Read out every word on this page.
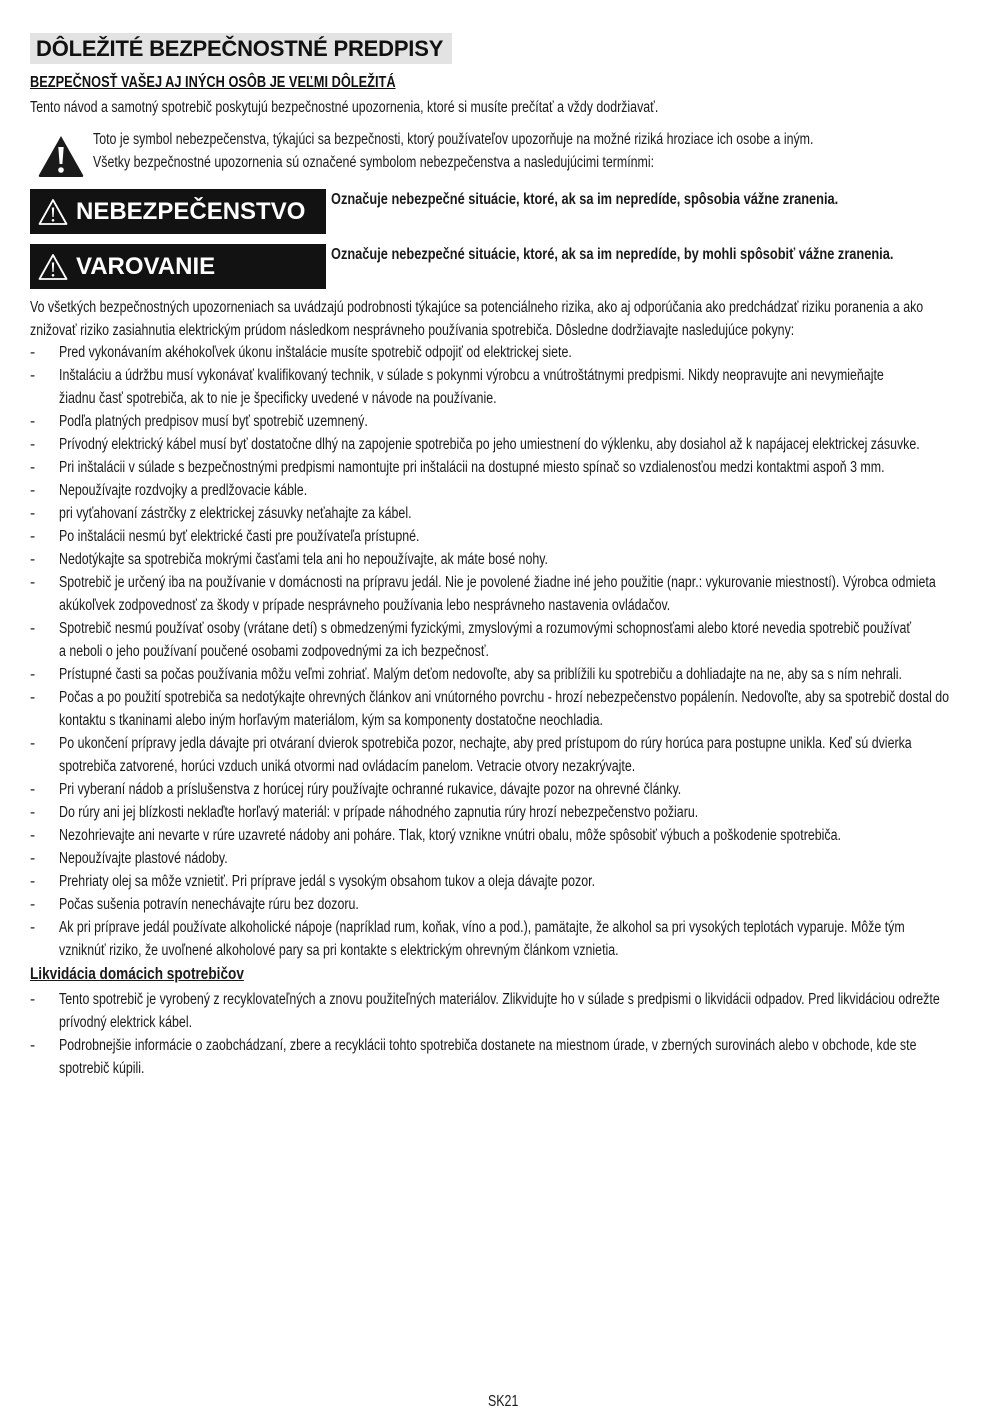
DÔLEŽITÉ BEZPEČNOSTNÉ PREDPISY
BEZPEČNOSŤ VAŠEJ AJ INÝCH OSÔB JE VEĽMI DÔLEŽITÁ
Tento návod a samotný spotrebič poskytujú bezpečnostné upozornenia, ktoré si musíte prečítať a vždy dodržiavať.
Toto je symbol nebezpečenstva, týkajúci sa bezpečnosti, ktorý používateľov upozorňuje na možné riziká hroziace ich osobe a iným.
Všetky bezpečnostné upozornenia sú označené symbolom nebezpečenstva a nasledujúcimi termínmi:
NEBEZPEČENSTVO Označuje nebezpečné situácie, ktoré, ak sa im nepredíde, spôsobia vážne zranenia.
VAROVANIE	Označuje nebezpečné situácie, ktoré, ak sa im nepredíde, by mohli spôsobiť vážne zranenia.
Vo všetkých bezpečnostných upozorneniach sa uvádzajú podrobnosti týkajúce sa potenciálneho rizika, ako aj odporúčania ako predchádzať riziku poranenia a ako
znižovať riziko zasiahnutia elektrickým prúdom následkom nesprávneho používania spotrebiča. Dôsledne dodržiavajte nasledujúce pokyny:
-	Pred vykonávaním akéhokoľvek úkonu inštalácie musíte spotrebič odpojiť od elektrickej siete.
-	Inštaláciu a údržbu musí vykonávať kvalifikovaný technik, v súlade s pokynmi výrobcu a vnútroštátnymi predpismi. Nikdy neopravujte ani nevymieňajte
žiadnu časť spotrebiča, ak to nie je špecificky uvedené v návode na používanie.
-	Podľa platných predpisov musí byť spotrebič uzemnený.
-	Prívodný elektrický kábel musí byť dostatočne dlhý na zapojenie spotrebiča po jeho umiestnení do výklenku, aby dosiahol až k napájacej elektrickej zásuvke.
-	Pri inštalácii v súlade s bezpečnostnými predpismi namontujte pri inštalácii na dostupné miesto spínač so vzdialenosťou medzi kontaktmi aspoň 3 mm.
-	Nepoužívajte rozdvojky a predlžovacie káble.
-	pri vyťahovaní zástrčky z elektrickej zásuvky neťahajte za kábel.
-	Po inštalácii nesmú byť elektrické časti pre používateľa prístupné.
-	Nedotýkajte sa spotrebiča mokrými časťami tela ani ho nepoužívajte, ak máte bosé nohy.
-	Spotrebič je určený iba na používanie v domácnosti na prípravu jedál. Nie je povolené žiadne iné jeho použitie (napr.: vykurovanie miestností). Výrobca odmieta
akúkoľvek zodpovednosť za škody v prípade nesprávneho používania lebo nesprávneho nastavenia ovládačov.
-	Spotrebič nesmú používať osoby (vrátane detí) s obmedzenými fyzickými, zmyslovými a rozumovými schopnosťami alebo ktoré nevedia spotrebič používať
a neboli o jeho používaní poučené osobami zodpovednými za ich bezpečnosť.
-	Prístupné časti sa počas používania môžu veľmi zohriať. Malým deťom nedovoľte, aby sa priblížili ku spotrebiču a dohliadajte na ne, aby sa s ním nehrali.
-	Počas a po použití spotrebiča sa nedotýkajte ohrevných článkov ani vnútorného povrchu - hrozí nebezpečenstvo popálenín. Nedovoľte, aby sa spotrebič dostal do
kontaktu s tkaninami alebo iným horľavým materiálom, kým sa komponenty dostatočne neochladia.
-	Po ukončení prípravy jedla dávajte pri otváraní dvierok spotrebiča pozor, nechajte, aby pred prístupom do rúry horúca para postupne unikla. Keď sú dvierka
spotrebiča zatvorené, horúci vzduch uniká otvormi nad ovládacím panelom. Vetracie otvory nezakrývajte.
-	Pri vyberaní nádob a príslušenstva z horúcej rúry používajte ochranné rukavice, dávajte pozor na ohrevné články.
-	Do rúry ani jej blízkosti neklaďte horľavý materiál: v prípade náhodného zapnutia rúry hrozí nebezpečenstvo požiaru.
-	Nezohrievajte ani nevarte v rúre uzavreté nádoby ani poháre. Tlak, ktorý vznikne vnútri obalu, môže spôsobiť výbuch a poškodenie spotrebiča.
-	Nepoužívajte plastové nádoby.
-	Prehriaty olej sa môže vznietiť. Pri príprave jedál s vysokým obsahom tukov a oleja dávajte pozor.
-	Počas sušenia potravín nenechávajte rúru bez dozoru.
-	Ak pri príprave jedál používate alkoholické nápoje (napríklad rum, koňak, víno a pod.), pamätajte, že alkohol sa pri vysokých teplotách vyparuje. Môže tým
vzniknúť riziko, že uvoľnené alkoholové pary sa pri kontakte s elektrickým ohrevným článkom vznietia.
Likvidácia domácich spotrebičov
-	Tento spotrebič je vyrobený z recyklovateľných a znovu použiteľných materiálov. Zlikvidujte ho v súlade s predpismi o likvidácii odpadov. Pred likvidáciou odrežte
prívodný elektrick kábel.
-	Podrobnejšie informácie o zaobchádzaní, zbere a recyklácii tohto spotrebiča dostanete na miestnom úrade, v zberných surovinách alebo v obchode, kde ste
spotrebič kúpili.
SK21
